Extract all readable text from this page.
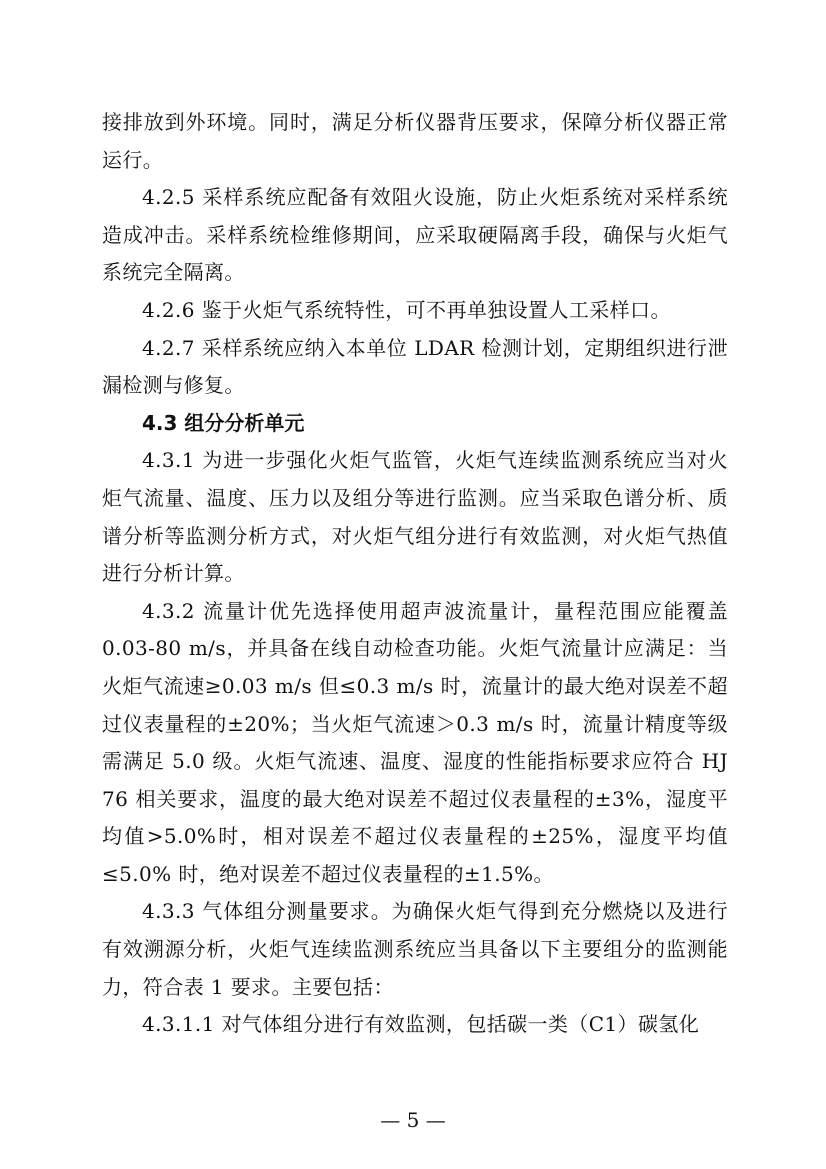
接排放到外环境。同时，满足分析仪器背压要求，保障分析仪器正常运行。

4.2.5 采样系统应配备有效阻火设施，防止火炬系统对采样系统造成冲击。采样系统检维修期间，应采取硬隔离手段，确保与火炬气系统完全隔离。

4.2.6 鉴于火炬气系统特性，可不再单独设置人工采样口。

4.2.7 采样系统应纳入本单位 LDAR 检测计划，定期组织进行泄漏检测与修复。

4.3 组分分析单元

4.3.1 为进一步强化火炬气监管，火炬气连续监测系统应当对火炬气流量、温度、压力以及组分等进行监测。应当采取色谱分析、质谱分析等监测分析方式，对火炬气组分进行有效监测，对火炬气热值进行分析计算。

4.3.2 流量计优先选择使用超声波流量计，量程范围应能覆盖 0.03-80 m/s，并具备在线自动检查功能。火炬气流量计应满足：当火炬气流速≥0.03 m/s 但≤0.3 m/s 时，流量计的最大绝对误差不超过仪表量程的±20%；当火炬气流速＞0.3 m/s 时，流量计精度等级需满足 5.0 级。火炬气流速、温度、湿度的性能指标要求应符合 HJ 76 相关要求，温度的最大绝对误差不超过仪表量程的±3%，湿度平均值>5.0%时，相对误差不超过仪表量程的±25%，湿度平均值≤5.0% 时，绝对误差不超过仪表量程的±1.5%。

4.3.3 气体组分测量要求。为确保火炬气得到充分燃烧以及进行有效溯源分析，火炬气连续监测系统应当具备以下主要组分的监测能力，符合表 1 要求。主要包括：

4.3.1.1 对气体组分进行有效监测，包括碳一类（C1）碳氢化

— 5 —
